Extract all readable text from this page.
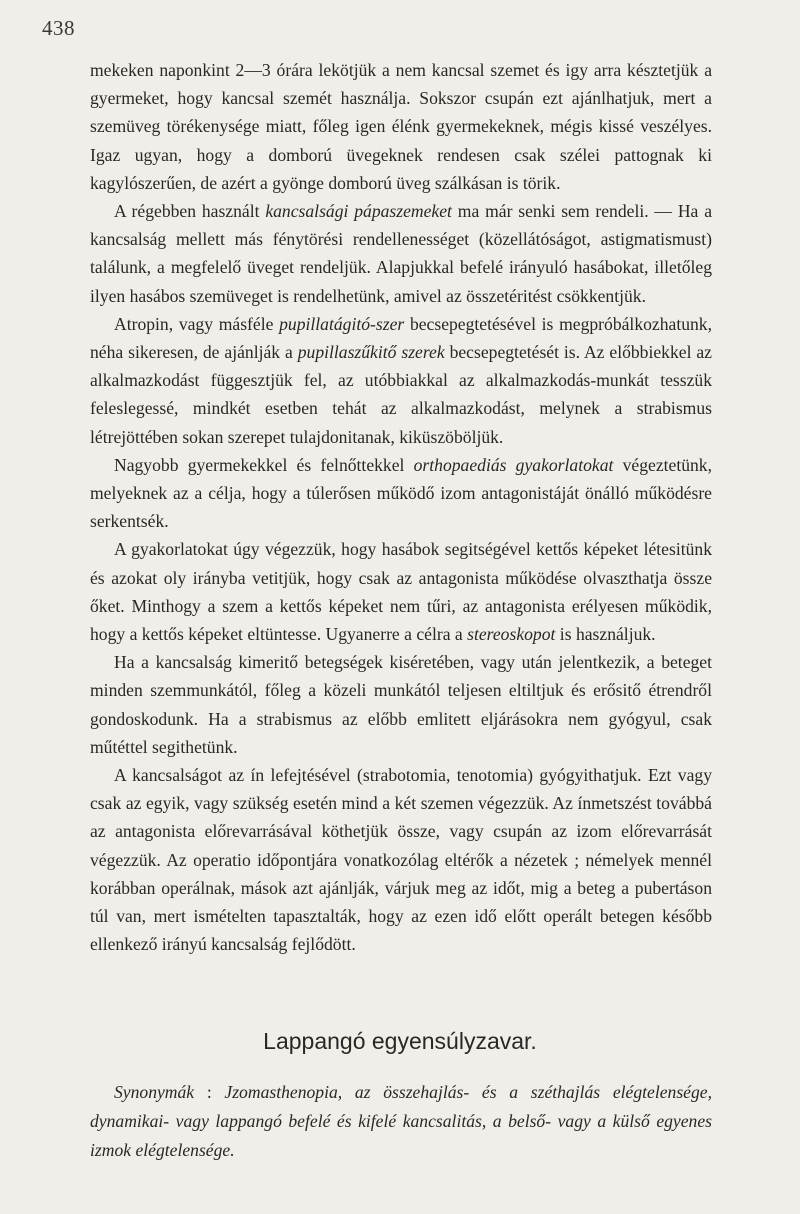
438

mekeken naponkint 2—3 órára lekötjük a nem kancsal szemet és igy arra késztetjük a gyermeket, hogy kancsal szemét használja. Sokszor csupán ezt ajánlhatjuk, mert a szemüveg törékenysége miatt, főleg igen élénk gyermekeknek, mégis kissé veszélyes. Igaz ugyan, hogy a domború üvegeknek rendesen csak szélei pattognak ki kagylószerűen, de azért a gyönge domború üveg szálkásan is törik.

A régebben használt kancsalsági pápaszemeket ma már senki sem rendeli. — Ha a kancsalság mellett más fénytörési rendellenességet (közellátóságot, astigmatismust) találunk, a megfelelő üveget rendeljük. Alapjukkal befelé irányuló hasábokat, illetőleg ilyen hasábos szemüveget is rendelhetünk, amivel az összetéritést csökkentjük.

Atropin, vagy másféle pupillatágitó-szer becsepegtetésével is megpróbálkozhatunk, néha sikeresen, de ajánlják a pupillaszűkitő szerek becsepegtetését is. Az előbbiekkel az alkalmazkodást függesztjük fel, az utóbbiakkal az alkalmazkodás-munkát tesszük feleslegessé, mindkét esetben tehát az alkalmazkodást, melynek a strabismus létrejöttében sokan szerepet tulajdonitanak, kiküszöböljük.

Nagyobb gyermekekkel és felnőttekkel orthopaediás gyakorlatokat végeztetünk, melyeknek az a célja, hogy a túlerősen működő izom antagonistáját önálló működésre serkentsék.

A gyakorlatokat úgy végezzük, hogy hasábok segitségével kettős képeket létesitünk és azokat oly irányba vetitjük, hogy csak az antagonista működése olvaszthatja össze őket. Minthogy a szem a kettős képeket nem tűri, az antagonista erélyesen működik, hogy a kettős képeket eltüntesse. Ugyanerre a célra a stereoskopot is használjuk.

Ha a kancsalság kimeritő betegségek kiséretében, vagy után jelentkezik, a beteget minden szemmunkától, főleg a közeli munkától teljesen eltiltjuk és erősitő étrendről gondoskodunk. Ha a strabismus az előbb emlitett eljárásokra nem gyógyul, csak műtéttel segithetünk.

A kancsalságot az ín lefejtésével (strabotomia, tenotomia) gyógyithatjuk. Ezt vagy csak az egyik, vagy szükség esetén mind a két szemen végezzük. Az ínmetszést továbbá az antagonista előrevarrásával köthetjük össze, vagy csupán az izom előrevarrását végezzük. Az operatio időpontjára vonatkozólag eltérők a nézetek ; némelyek mennél korábban operálnak, mások azt ajánlják, várjuk meg az időt, mig a beteg a pubertáson túl van, mert ismételten tapasztalták, hogy az ezen idő előtt operált betegen később ellenkező irányú kancsalság fejlődött.

Lappangó egyensúlyzavar.

Synonymák : Jzomasthenopia, az összehajlás- és a széthajlás elégtelensége, dynamikai- vagy lappangó befelé és kifelé kancsalitás, a belső- vagy a külső egyenes izmok elégtelensége.
